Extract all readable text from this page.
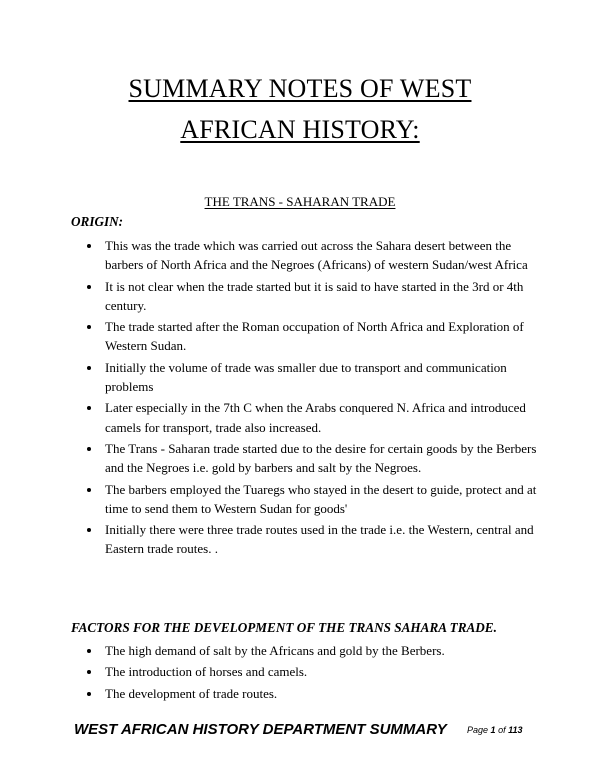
SUMMARY NOTES OF WEST
AFRICAN HISTORY:
THE TRANS - SAHARAN TRADE
ORIGIN:
This was the trade which was carried out across the Sahara desert between the barbers of North Africa and the Negroes (Africans) of western Sudan/west Africa
It is not clear when the trade started but it is said to have started in the 3rd or 4th century.
The trade started after the Roman occupation of North Africa and Exploration of Western Sudan.
Initially the volume of trade was smaller due to transport and communication problems
Later especially in the 7th C when the Arabs conquered N. Africa and introduced camels for transport, trade also increased.
The Trans - Saharan trade started due to the desire for certain goods by the Berbers and the Negroes i.e. gold by barbers and salt by the Negroes.
The barbers employed the Tuaregs who stayed in the desert to guide, protect and at time to send them to Western Sudan for goods'
Initially there were three trade routes used in the trade i.e. the Western, central and Eastern trade routes. .
FACTORS FOR THE DEVELOPMENT OF THE TRANS SAHARA TRADE.
The high demand of salt by the Africans and gold by the Berbers.
The introduction of horses and camels.
The development of trade routes.
WEST AFRICAN HISTORY DEPARTMENT SUMMARY Page 1 of 113
